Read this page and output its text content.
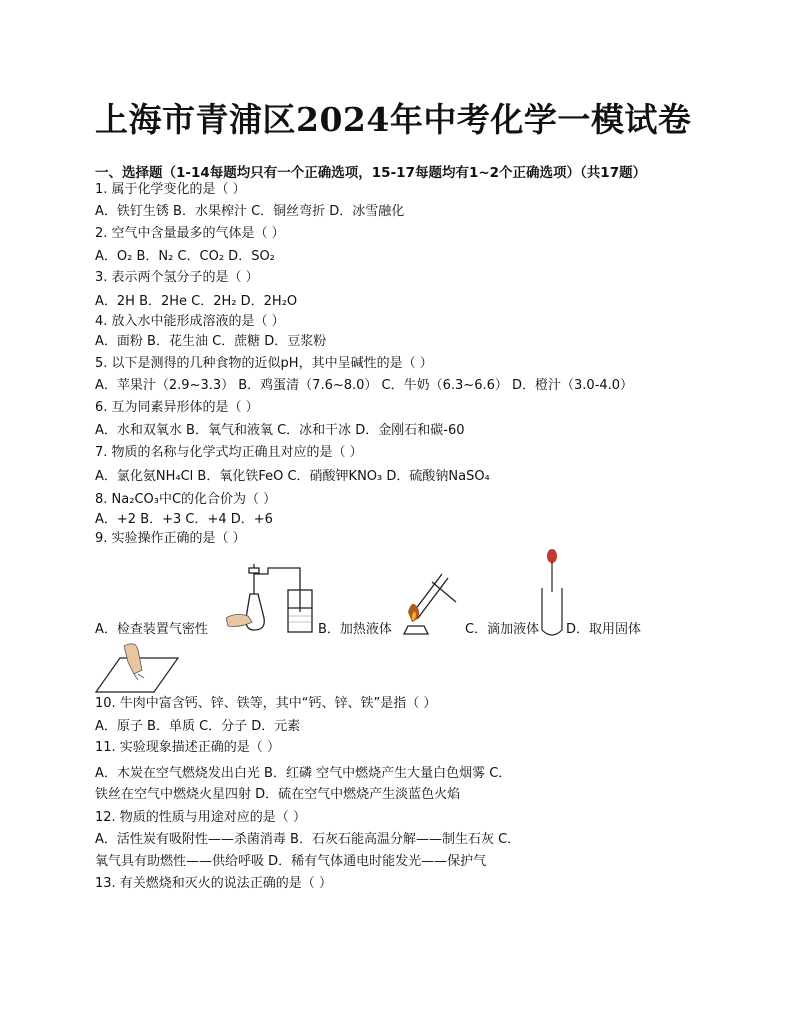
上海市青浦区2024年中考化学一模试卷
一、选择题（1-14每题均只有一个正确选项，15-17每题均有1~2个正确选项）（共17题）
1. 属于化学变化的是（ ）
A．铁钉生锈 B．水果榨汁 C．铜丝弯折 D．冰雪融化
2. 空气中含量最多的气体是（ ）
A．O₂ B．N₂ C．CO₂ D．SO₂
3. 表示两个氢分子的是（ ）
A．2H B．2He C．2H₂ D．2H₂O
4. 放入水中能形成溶液的是（ ）
A．面粉 B．花生油 C．蔗糖 D．豆浆粉
5. 以下是测得的几种食物的近似pH，其中呈碱性的是（ ）
A．苹果汁（2.9~3.3） B．鸡蛋清（7.6~8.0） C．牛奶（6.3~6.6） D．橙汁（3.0-4.0）
6. 互为同素异形体的是（ ）
A．水和双氧水 B．氧气和液氧 C．冰和干冰 D．金刚石和碳-60
7. 物质的名称与化学式均正确且对应的是（ ）
A．氯化氨NH₄Cl B．氧化铁FeO C．硝酸钾KNO₃ D．硫酸钠NaSO₄
8. Na₂CO₃中C的化合价为（ ）
A．+2 B．+3 C．+4 D．+6
9. 实验操作正确的是（ ）
A．检查装置气密性	B．加热液体	C．滴加液体 D．取用固体
10. 牛肉中富含钙、锌、铁等，其中“钙、锌、铁”是指（ ）
A．原子 B．单质 C．分子 D．元素
11. 实验现象描述正确的是（ ）
A．木炭在空气燃烧发出白光 B．红磷 空气中燃烧产生大量白色烟雾 C．
铁丝在空气中燃烧火星四射 D．硫在空气中燃烧产生淡蓝色火焰
12. 物质的性质与用途对应的是（ ）
A．活性炭有吸附性——杀菌消毒 B．石灰石能高温分解——制生石灰 C．
氧气具有助燃性——供给呼吸 D．稀有气体通电时能发光——保护气
13. 有关燃烧和灭火的说法正确的是（ ）
